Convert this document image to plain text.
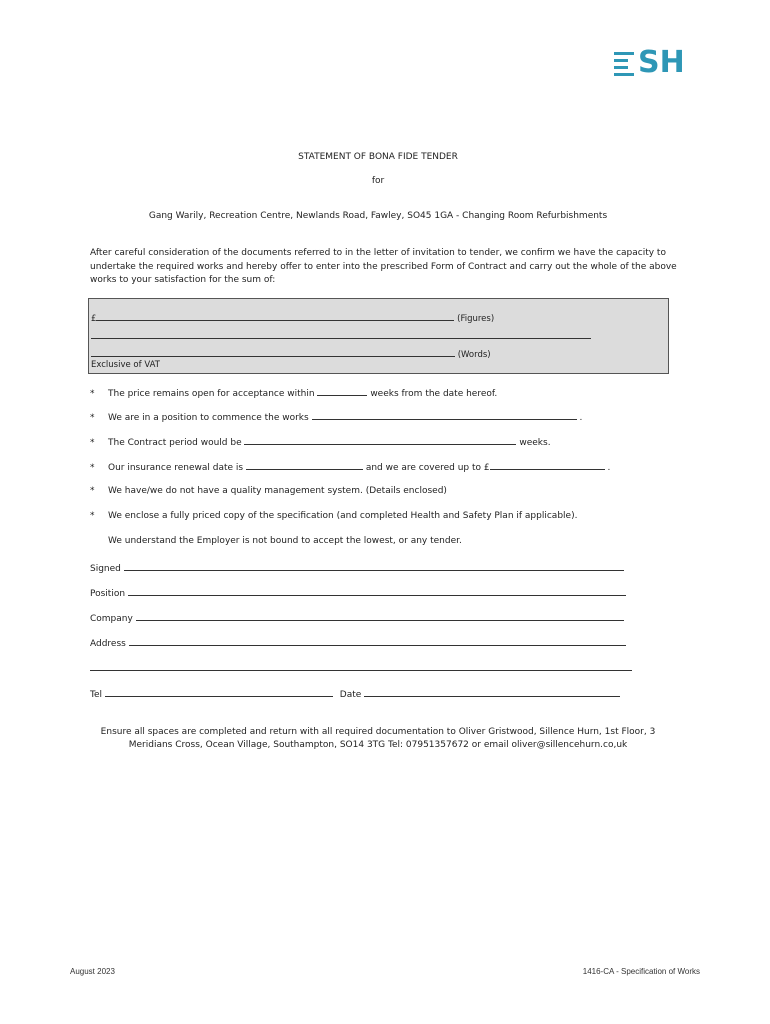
SH
STATEMENT OF BONA FIDE TENDER
for
Gang Warily, Recreation Centre, Newlands Road, Fawley, SO45 1GA - Changing Room Refurbishments
After careful consideration of the documents referred to in the letter of invitation to tender, we confirm we have the capacity to undertake the required works and hereby offer to enter into the prescribed Form of Contract and carry out the whole of the above works to your satisfaction for the sum of:
£	(Figures)
(Words)
Exclusive of VAT
* The price remains open for acceptance within	weeks from the date hereof.
* We are in a position to commence the works	.
* The Contract period would be	weeks.
* Our insurance renewal date is	and we are covered up to £	.
* We have/we do not have a quality management system. (Details enclosed)
* We enclose a fully priced copy of the specification (and completed Health and Safety Plan if applicable).
We understand the Employer is not bound to accept the lowest, or any tender.
Signed
Position
Company
Address
Tel	Date
Ensure all spaces are completed and return with all required documentation to Oliver Gristwood, Sillence Hurn, 1st Floor, 3
Meridians Cross, Ocean Village, Southampton, SO14 3TG Tel: 07951357672 or email oliver@sillencehurn.co,uk
August 2023	1416-CA - Specification of Works
